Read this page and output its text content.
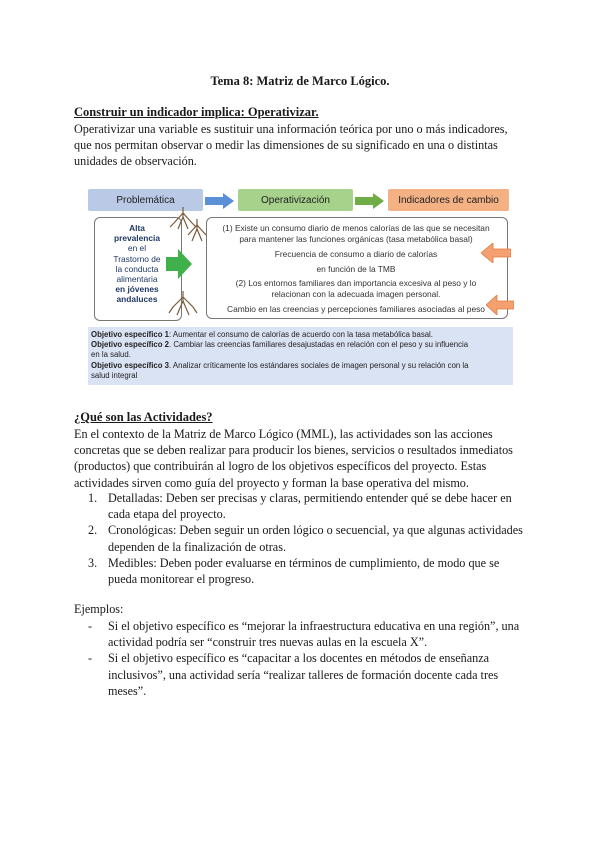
Tema 8: Matriz de Marco Lógico.
Construir un indicador implica: Operativizar.
Operativizar una variable es sustituir una información teórica por uno o más indicadores, que nos permitan observar o medir las dimensiones de su significado en una o distintas unidades de observación.
Problemática	Operativización	Indicadores de cambio
Alta
prevalencia
en el
Trastorno de
la conducta
alimentaria
en jóvenes
andaluces
(1) Existe un consumo diario de menos calorías de las que se necesitan
para mantener las funciones orgánicas (tasa metabólica basal)
Frecuencia de consumo a diario de calorías
en función de la TMB
(2) Los entornos familiares dan importancia excesiva al peso y lo
relacionan con la adecuada imagen personal.
Cambio en las creencias y percepciones familiares asociadas al peso
Objetivo específico 1: Aumentar el consumo de calorías de acuerdo con la tasa metabólica basal.
Objetivo específico 2. Cambiar las creencias familiares desajustadas en relación con el peso y su influencia
en la salud.
Objetivo específico 3. Analizar críticamente los estándares sociales de imagen personal y su relación con la
salud integral
¿Qué son las Actividades?
En el contexto de la Matriz de Marco Lógico (MML), las actividades son las acciones concretas que se deben realizar para producir los bienes, servicios o resultados inmediatos (productos) que contribuirán al logro de los objetivos específicos del proyecto. Estas actividades sirven como guía del proyecto y forman la base operativa del mismo.
1. Detalladas: Deben ser precisas y claras, permitiendo entender qué se debe hacer en cada etapa del proyecto.
2. Cronológicas: Deben seguir un orden lógico o secuencial, ya que algunas actividades dependen de la finalización de otras.
3. Medibles: Deben poder evaluarse en términos de cumplimiento, de modo que se pueda monitorear el progreso.
Ejemplos:
- Si el objetivo específico es “mejorar la infraestructura educativa en una región”, una actividad podría ser “construir tres nuevas aulas en la escuela X”.
- Si el objetivo específico es “capacitar a los docentes en métodos de enseñanza inclusivos”, una actividad sería “realizar talleres de formación docente cada tres meses”.
